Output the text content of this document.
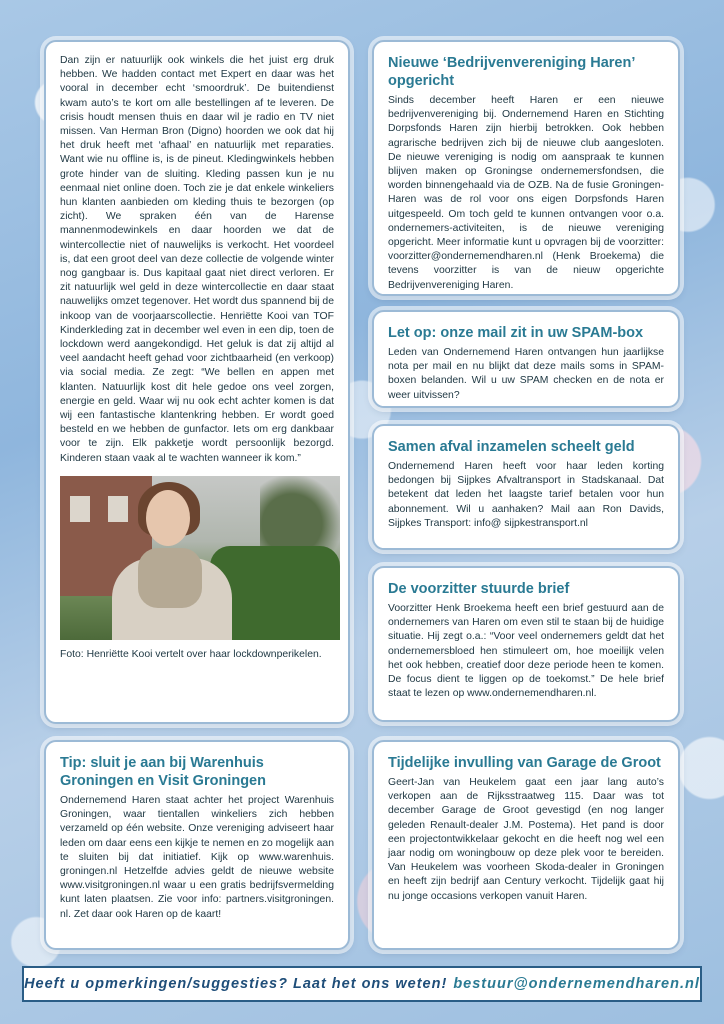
Dan zijn er natuurlijk ook winkels die het juist erg druk hebben. We hadden contact met Expert en daar was het vooral in december echt ‘smoordruk’. De buitendienst kwam auto’s te kort om alle bestellingen af te leveren. De crisis houdt mensen thuis en daar wil je radio en TV niet missen. Van Herman Bron (Digno) hoorden we ook dat hij het druk heeft met ‘afhaal’ en natuurlijk met reparaties. Want wie nu offline is, is de pineut. Kledingwinkels hebben grote hinder van de sluiting. Kleding passen kun je nu eenmaal niet online doen. Toch zie je dat enkele winkeliers hun klanten aanbieden om kleding thuis te bezorgen (op zicht). We spraken één van de Harense mannenmodewinkels en daar hoorden we dat de wintercollectie niet of nauwelijks is verkocht. Het voordeel is, dat een groot deel van deze collectie de volgende winter nog gangbaar is. Dus kapitaal gaat niet direct verloren. Er zit natuurlijk wel geld in deze wintercollectie en daar staat nauwelijks omzet tegenover. Het wordt dus spannend bij de inkoop van de voorjaarscollectie. Henriëtte Kooi van TOF Kinderkleding zat in december wel even in een dip, toen de lockdown werd aangekondigd. Het geluk is dat zij altijd al veel aandacht heeft gehad voor zichtbaarheid (en verkoop) via social media. Ze zegt: “We bellen en appen met klanten. Natuurlijk kost dit hele gedoe ons veel zorgen, energie en geld. Waar wij nu ook echt achter komen is dat wij een fantastische klantenkring hebben. Er wordt goed besteld en we hebben de gunfactor. Iets om erg dankbaar voor te zijn. Elk pakketje wordt persoonlijk bezorgd. Kinderen staan vaak al te wachten wanneer ik kom.”

Foto: Henriëtte Kooi vertelt over haar lockdownperikelen.

Nieuwe ‘Bedrijvenvereniging Haren’ opgericht

Sinds december heeft Haren er een nieuwe bedrijvenvereniging bij. Ondernemend Haren en Stichting Dorpsfonds Haren zijn hierbij betrokken. Ook hebben agrarische bedrijven zich bij de nieuwe club aangesloten. De nieuwe vereniging is nodig om aanspraak te kunnen blijven maken op Groningse ondernemersfondsen, die worden binnengehaald via de OZB. Na de fusie Groningen-Haren was de rol voor ons eigen Dorpsfonds Haren uitgespeeld. Om toch geld te kunnen ontvangen voor o.a. ondernemers-activiteiten, is de nieuwe vereniging opgericht. Meer informatie kunt u opvragen bij de voorzitter: voorzitter@ondernemendharen.nl (Henk Broekema) die tevens voorzitter is van de nieuw opgerichte Bedrijvenvereniging Haren.

Let op: onze mail zit in uw SPAM-box

Leden van Ondernemend Haren ontvangen hun jaarlijkse nota per mail en nu blijkt dat deze mails soms in SPAM-boxen belanden. Wil u uw SPAM checken en de nota er weer uitvissen?

Samen afval inzamelen scheelt geld

Ondernemend Haren heeft voor haar leden korting bedongen bij Sijpkes Afvaltransport in Stadskanaal. Dat betekent dat leden het laagste tarief betalen voor hun abonnement. Wil u aanhaken? Mail aan Ron Davids, Sijpkes Transport: info@ sijpkestransport.nl

De voorzitter stuurde brief

Voorzitter Henk Broekema heeft een brief gestuurd aan de ondernemers van Haren om even stil te staan bij de huidige situatie. Hij zegt o.a.: “Voor veel ondernemers geldt dat het ondernemersbloed hen stimuleert om, hoe moeilijk velen het ook hebben, creatief door deze periode heen te komen. De focus dient te liggen op de toekomst.” De hele brief staat te lezen op www.ondernemendharen.nl.

Tip: sluit je aan bij Warenhuis Groningen en Visit Groningen

Ondernemend Haren staat achter het project Warenhuis Groningen, waar tientallen winkeliers zich hebben verzameld op één website. Onze vereniging adviseert haar leden om daar eens een kijkje te nemen en zo mogelijk aan te sluiten bij dat initiatief. Kijk op www.warenhuis. groningen.nl Hetzelfde advies geldt de nieuwe website www.visitgroningen.nl waar u een gratis bedrijfsvermelding kunt laten plaatsen. Zie voor info: partners.visitgroningen. nl. Zet daar ook Haren op de kaart!

Tijdelijke invulling van Garage de Groot

Geert-Jan van Heukelem gaat een jaar lang auto’s verkopen aan de Rijksstraatweg 115. Daar was tot december Garage de Groot gevestigd (en nog langer geleden Renault-dealer J.M. Postema). Het pand is door een projectontwikkelaar gekocht en die heeft nog wel een jaar nodig om woningbouw op deze plek voor te bereiden. Van Heukelem was voorheen Skoda-dealer in Groningen en heeft zijn bedrijf aan Century verkocht. Tijdelijk gaat hij nu jonge occasions verkopen vanuit Haren.

Heeft u opmerkingen/suggesties? Laat het ons weten! bestuur@ondernemendharen.nl
